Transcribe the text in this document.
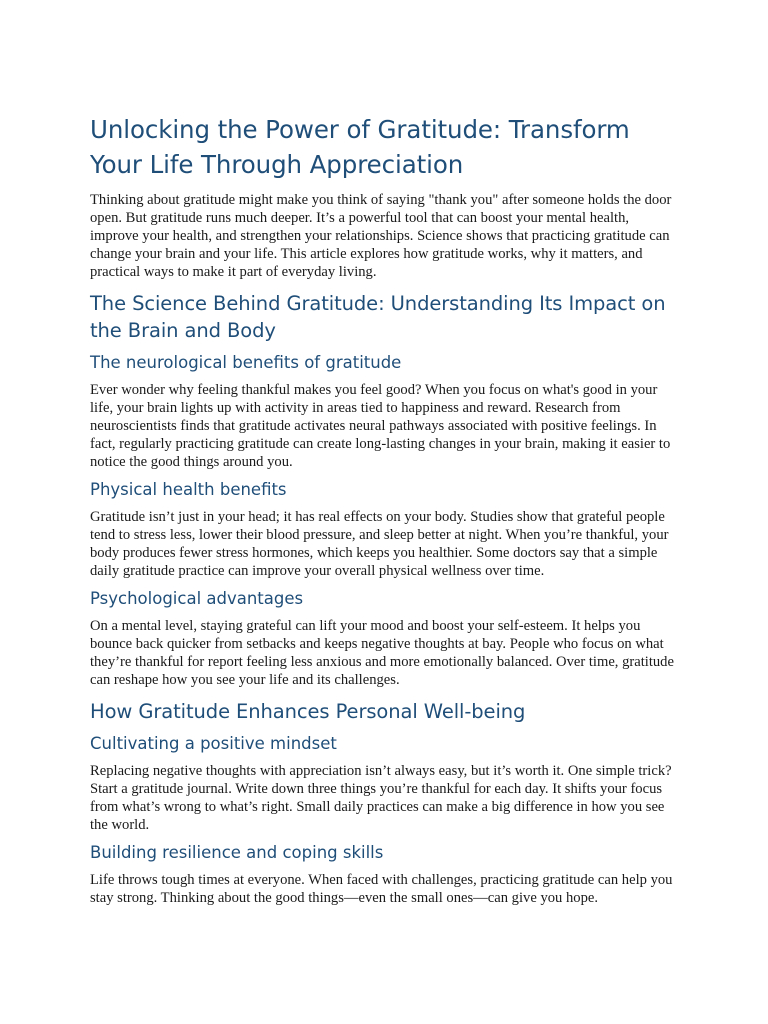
Unlocking the Power of Gratitude: Transform Your Life Through Appreciation

Thinking about gratitude might make you think of saying "thank you" after someone holds the door open. But gratitude runs much deeper. It’s a powerful tool that can boost your mental health, improve your health, and strengthen your relationships. Science shows that practicing gratitude can change your brain and your life. This article explores how gratitude works, why it matters, and practical ways to make it part of everyday living.

The Science Behind Gratitude: Understanding Its Impact on the Brain and Body
The neurological benefits of gratitude

Ever wonder why feeling thankful makes you feel good? When you focus on what's good in your life, your brain lights up with activity in areas tied to happiness and reward. Research from neuroscientists finds that gratitude activates neural pathways associated with positive feelings. In fact, regularly practicing gratitude can create long-lasting changes in your brain, making it easier to notice the good things around you.

Physical health benefits

Gratitude isn’t just in your head; it has real effects on your body. Studies show that grateful people tend to stress less, lower their blood pressure, and sleep better at night. When you’re thankful, your body produces fewer stress hormones, which keeps you healthier. Some doctors say that a simple daily gratitude practice can improve your overall physical wellness over time.

Psychological advantages

On a mental level, staying grateful can lift your mood and boost your self-esteem. It helps you bounce back quicker from setbacks and keeps negative thoughts at bay. People who focus on what they’re thankful for report feeling less anxious and more emotionally balanced. Over time, gratitude can reshape how you see your life and its challenges.

How Gratitude Enhances Personal Well-being
Cultivating a positive mindset

Replacing negative thoughts with appreciation isn’t always easy, but it’s worth it. One simple trick? Start a gratitude journal. Write down three things you’re thankful for each day. It shifts your focus from what’s wrong to what’s right. Small daily practices can make a big difference in how you see the world.

Building resilience and coping skills

Life throws tough times at everyone. When faced with challenges, practicing gratitude can help you stay strong. Thinking about the good things—even the small ones—can give you hope.
